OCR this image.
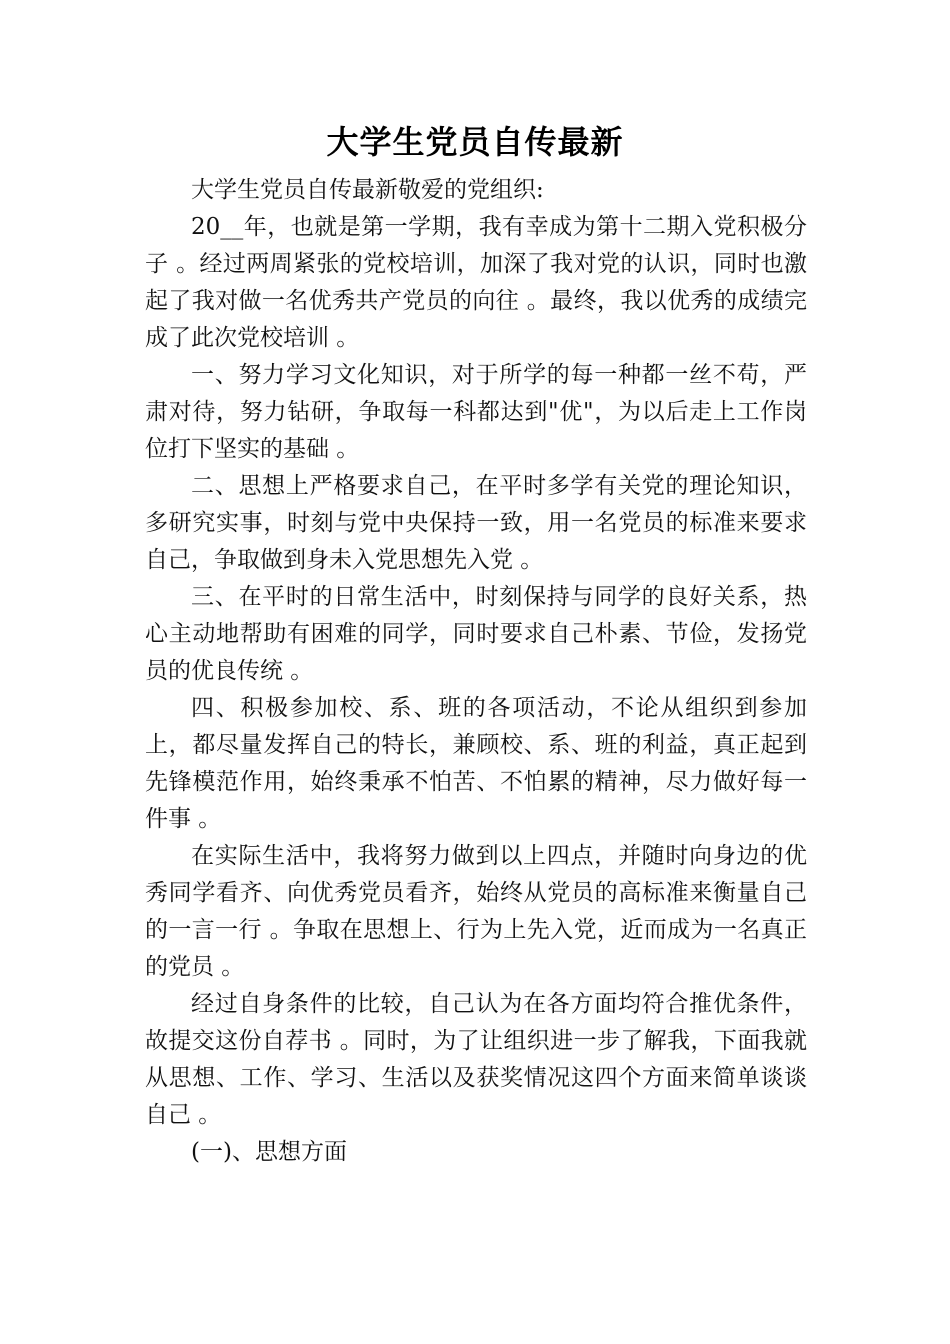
大学生党员自传最新

大学生党员自传最新敬爱的党组织:

20__年，也就是第一学期，我有幸成为第十二期入党积极分子 。经过两周紧张的党校培训，加深了我对党的认识，同时也激起了我对做一名优秀共产党员的向往 。最终，我以优秀的成绩完成了此次党校培训 。

一、努力学习文化知识，对于所学的每一种都一丝不苟，严肃对待，努力钻研，争取每一科都达到"优"，为以后走上工作岗位打下坚实的基础 。

二、思想上严格要求自己，在平时多学有关党的理论知识，多研究实事，时刻与党中央保持一致，用一名党员的标准来要求自己，争取做到身未入党思想先入党 。

三、在平时的日常生活中，时刻保持与同学的良好关系，热心主动地帮助有困难的同学，同时要求自己朴素、节俭，发扬党员的优良传统 。

四、积极参加校、系、班的各项活动，不论从组织到参加上，都尽量发挥自己的特长，兼顾校、系、班的利益，真正起到先锋模范作用，始终秉承不怕苦、不怕累的精神，尽力做好每一件事 。

在实际生活中，我将努力做到以上四点，并随时向身边的优秀同学看齐、向优秀党员看齐，始终从党员的高标准来衡量自己的一言一行 。争取在思想上、行为上先入党，近而成为一名真正的党员 。

经过自身条件的比较，自己认为在各方面均符合推优条件，故提交这份自荐书 。同时，为了让组织进一步了解我，下面我就从思想、工作、学习、生活以及获奖情况这四个方面来简单谈谈自己 。

(一)、思想方面
